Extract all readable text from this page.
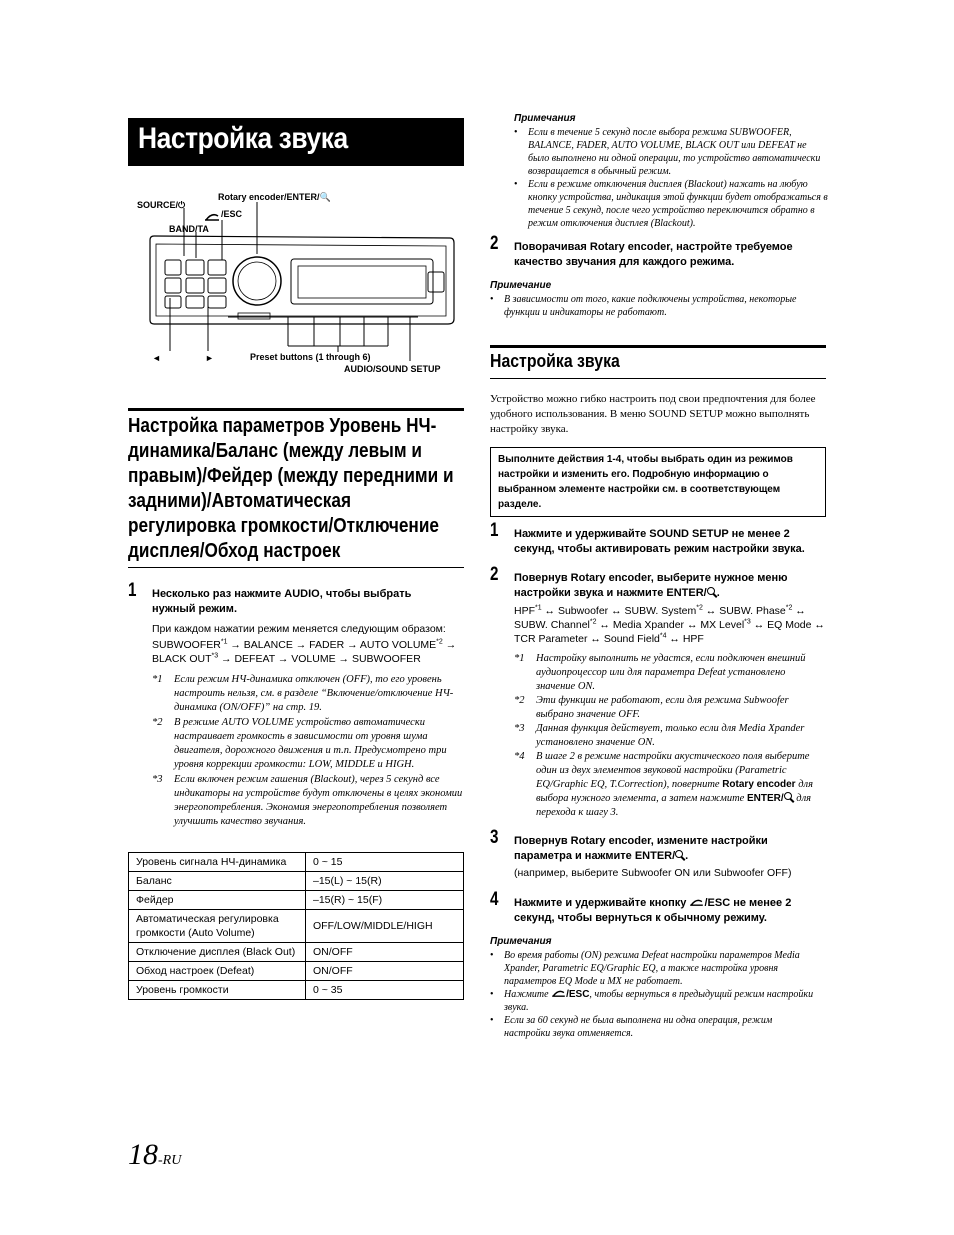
Настройка звука
SOURCE/⏻
Rotary encoder/ENTER/🔍
/ESC
BAND/TA
◄	►	Preset buttons (1 through 6)
AUDIO/SOUND SETUP
Настройка параметров Уровень НЧ-динамика/Баланс (между левым и правым)/Фейдер (между передними и задними)/Автоматическая регулировка громкости/Отключение дисплея/Обход настроек
1 Несколько раз нажмите AUDIO, чтобы выбрать нужный режим.
При каждом нажатии режим меняется следующим образом:
$SUBWOOFER^{*1}$ → BALANCE → FADER → AUTO $VOLUME^{*2}$ → BLACK $OUT^{*3}$ → DEFEAT → VOLUME → SUBWOOFER
*1 Если режим НЧ-динамика отключен (OFF), то его уровень настроить нельзя, см. в разделе “Включение/отключение НЧ-динамика (ON/OFF)” на стр. 19.
*2 В режиме AUTO VOLUME устройство автоматически настраивает громкость в зависимости от уровня шума двигателя, дорожного движения и т.п. Предусмотрено три уровня коррекции громкости: LOW, MIDDLE и HIGH.
*3 Если включен режим гашения (Blackout), через 5 секунд все индикаторы на устройстве будут отключены в целях экономии энергопотребления. Экономия энергопотребления позволяет улучшить качество звучания.
Уровень сигнала НЧ-динамика	0 ~ 15
Баланс	–15(L) ~ 15(R)
Фейдер	–15(R) ~ 15(F)
Автоматическая регулировка громкости (Auto Volume)	OFF/LOW/MIDDLE/HIGH
Отключение дисплея (Black Out)	ON/OFF
Обход настроек (Defeat)	ON/OFF
Уровень громкости	0 ~ 35
Примечания
• Если в течение 5 секунд после выбора режима SUBWOOFER, BALANCE, FADER, AUTO VOLUME, BLACK OUT или DEFEAT не было выполнено ни одной операции, то устройство автоматически возвращается в обычный режим.
• Если в режиме отключения дисплея (Blackout) нажать на любую кнопку устройства, индикация этой функции будет отображаться в течение 5 секунд, после чего устройство переключится обратно в режим отключения дисплея (Blackout).
2 Поворачивая Rotary encoder, настройте требуемое качество звучания для каждого режима.
Примечание
• В зависимости от того, какие подключены устройства, некоторые функции и индикаторы не работают.
Настройка звука
Устройство можно гибко настроить под свои предпочтения для более удобного использования. В меню SOUND SETUP можно выполнять настройку звука.
Выполните действия 1-4, чтобы выбрать один из режимов настройки и изменить его. Подробную информацию о выбранном элементе настройки см. в соответствующем разделе.
1 Нажмите и удерживайте SOUND SETUP не менее 2 секунд, чтобы активировать режим настройки звука.
2 Повернув Rotary encoder, выберите нужное меню настройки звука и нажмите ENTER/ .
HPF$^{*1}$ ↔ Subwoofer ↔ SUBW. System$^{*2}$ ↔ SUBW. Phase$^{*2}$ ↔ SUBW. Channel$^{*2}$ ↔ Media Xpander ↔ MX Level$^{*3}$ ↔ EQ Mode ↔ TCR Parameter ↔ Sound Field$^{*4}$ ↔ HPF
*1 Настройку выполнить не удастся, если подключен внешний аудиопроцессор или для параметра Defeat установлено значение ON.
*2 Эти функции не работают, если для режима Subwoofer выбрано значение OFF.
*3 Данная функция действует, только если для Media Xpander установлено значение ON.
*4 В шаге 2 в режиме настройки акустического поля выберите один из двух элементов звуковой настройки (Parametric EQ/Graphic EQ, T.Correction), поверните Rotary encoder для выбора нужного элемента, а затем нажмите ENTER/ для перехода к шагу 3.
3 Повернув Rotary encoder, измените настройки параметра и нажмите ENTER/ .
(например, выберите Subwoofer ON или Subwoofer OFF)
4 Нажмите и удерживайте кнопку /ESC не менее 2 секунд, чтобы вернуться к обычному режиму.
Примечания
• Во время работы (ON) режима Defeat настройки параметров Media Xpander, Parametric EQ/Graphic EQ, а также настройка уровня параметров EQ Mode и MX не работает.
• Нажмите /ESC, чтобы вернуться в предыдущий режим настройки звука.
• Если за 60 секунд не была выполнена ни одна операция, режим настройки звука отменяется.
18-RU
